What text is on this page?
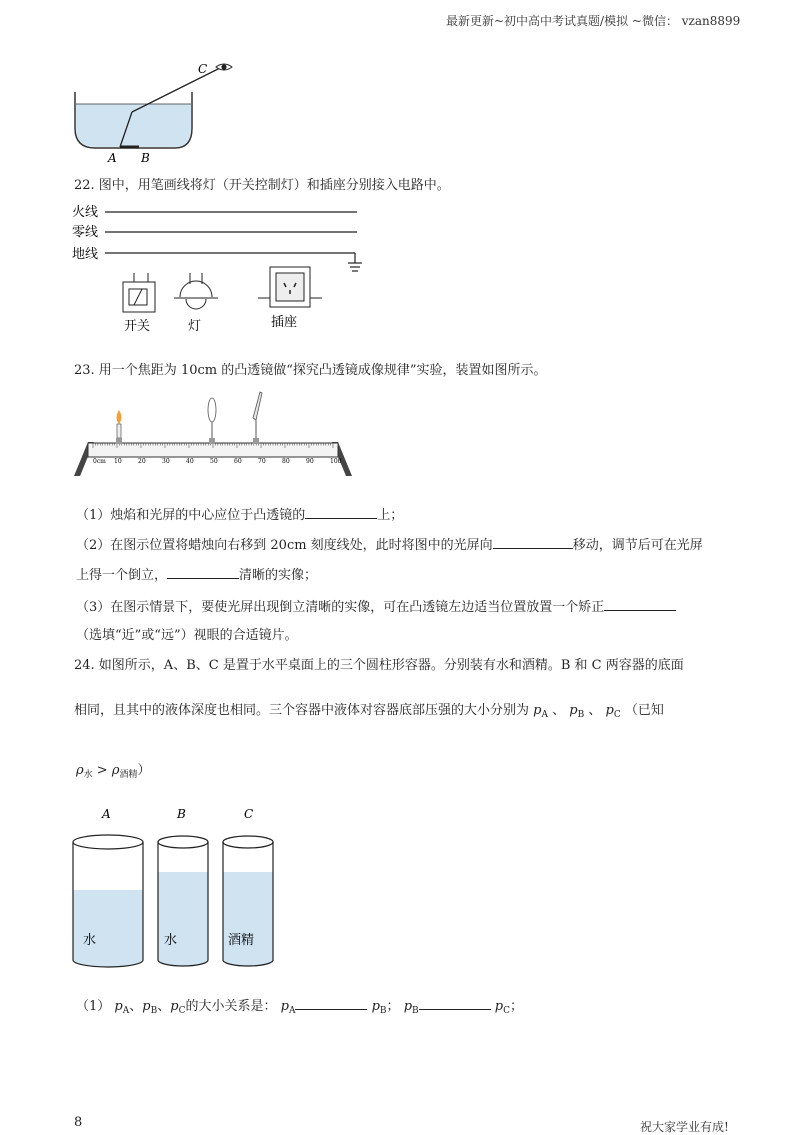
最新更新~初中高中考试真题/模拟 ~微信： vzan8899
C
A B
22. 图中，用笔画线将灯（开关控制灯）和插座分别接入电路中。
火线
零线
地线
开关	灯	插座
23. 用一个焦距为 10cm 的凸透镜做“探究凸透镜成像规律”实验，装置如图所示。
0cm 10	20	30	40	50	60	70	80	90	100
（1）烛焰和光屏的中心应位于凸透镜的	上；
（2）在图示位置将蜡烛向右移到 20cm 刻度线处，此时将图中的光屏向	移动，调节后可在光屏
上得一个倒立，	清晰的实像；
（3）在图示情景下，要使光屏出现倒立清晰的实像，可在凸透镜左边适当位置放置一个矫正
（选填“近”或“远”）视眼的合适镜片。
24. 如图所示，A、B、C 是置于水平桌面上的三个圆柱形容器。分别装有水和酒精。B 和 C 两容器的底面
相同，且其中的液体深度也相同。三个容器中液体对容器底部压强的大小分别为 $p_A$ 、 $p_B$ 、 $p_C$ （已知
$\rho_水 > \rho_{酒精}$）
A
水
B
水
C
酒精
（1） $p_A$、$p_B$、$p_C$的大小关系是： $p_A$	$p_B$； $p_B$	$p_C$；
8	祝大家学业有成!
